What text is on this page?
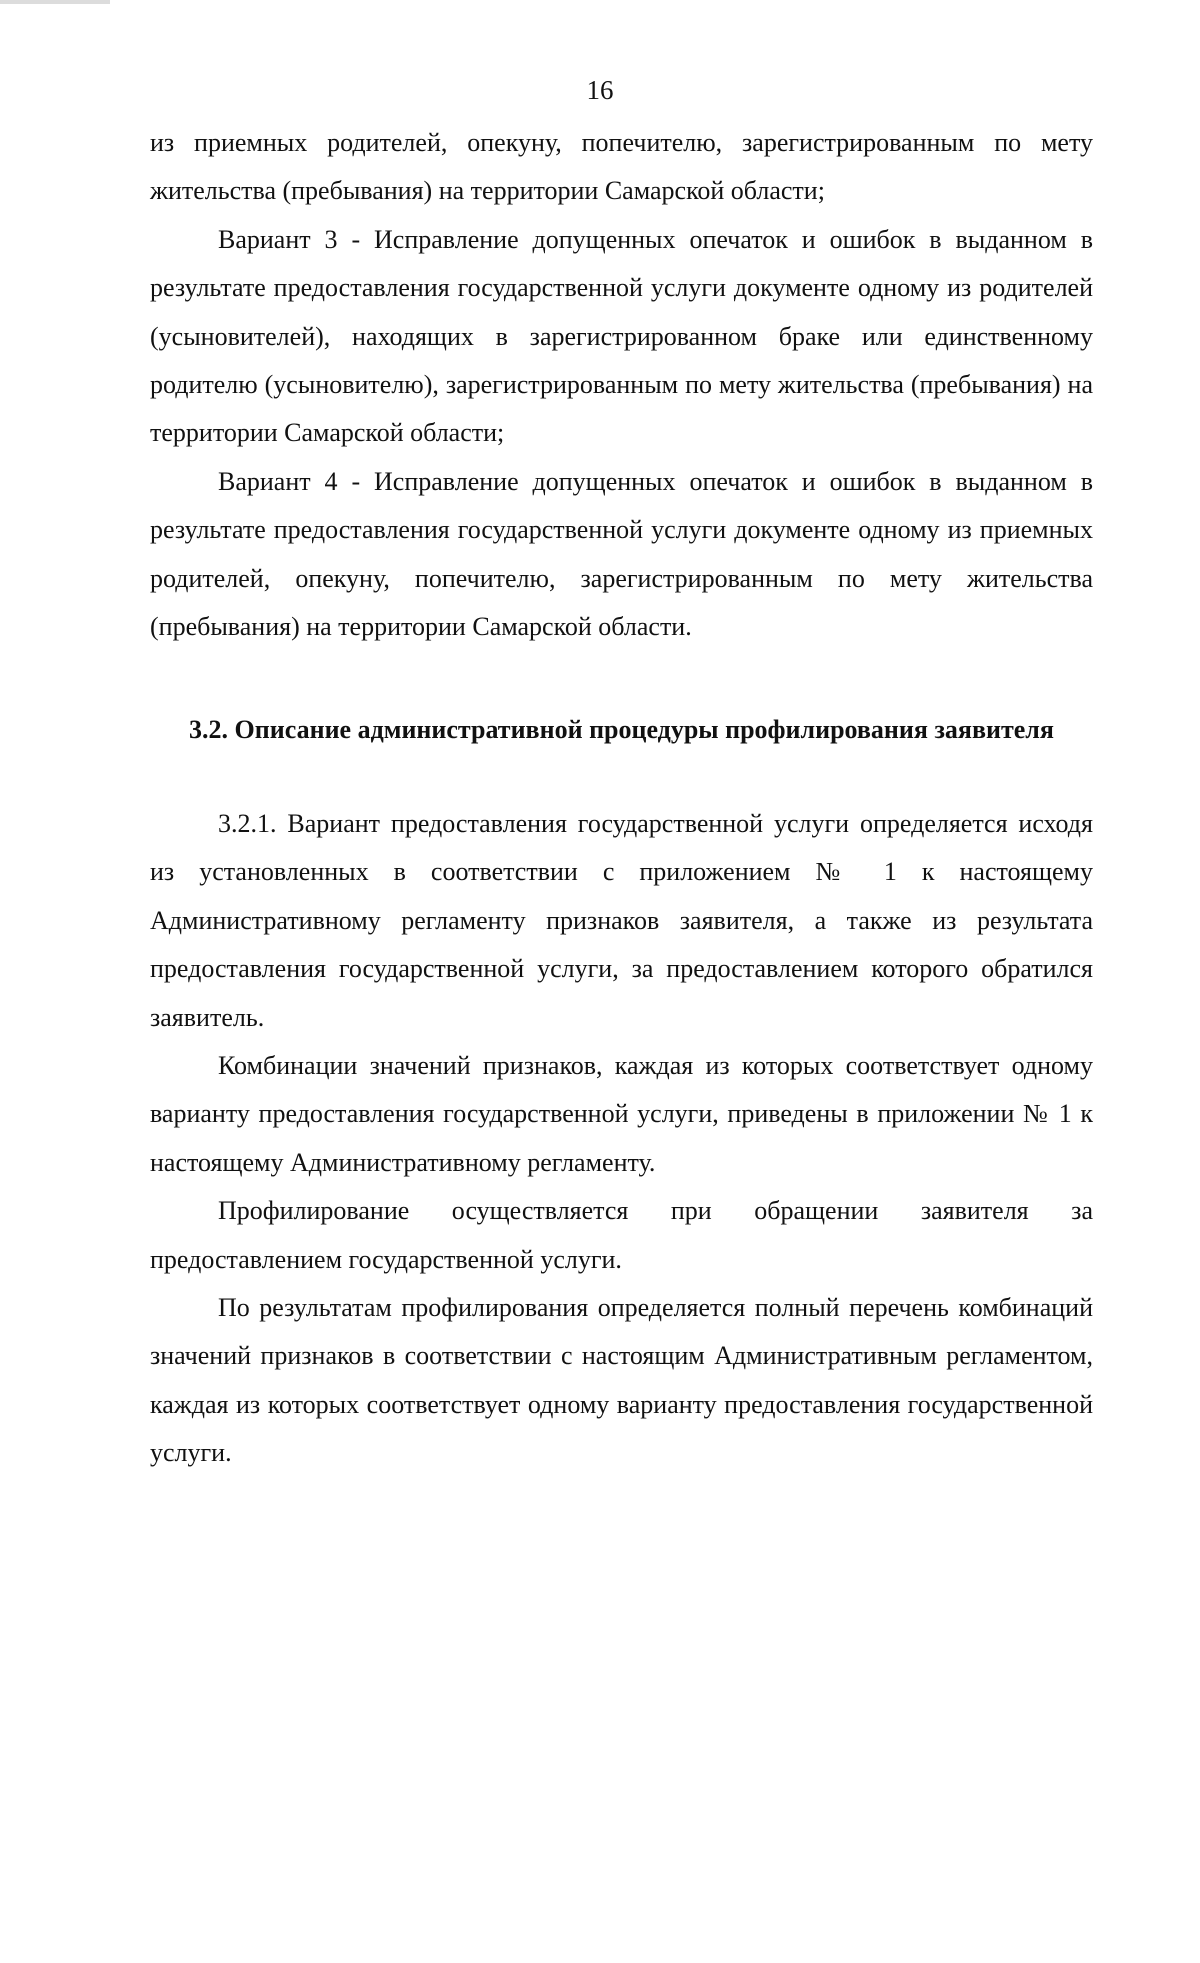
16

из приемных родителей, опекуну, попечителю, зарегистрированным по мету жительства (пребывания) на территории Самарской области;

Вариант 3 - Исправление допущенных опечаток и ошибок в выданном в результате предоставления государственной услуги документе одному из родителей (усыновителей), находящих в зарегистрированном браке или единственному родителю (усыновителю), зарегистрированным по мету жительства (пребывания) на территории Самарской области;

Вариант 4 - Исправление допущенных опечаток и ошибок в выданном в результате предоставления государственной услуги документе одному из приемных родителей, опекуну, попечителю, зарегистрированным по мету жительства (пребывания) на территории Самарской области.

3.2. Описание административной процедуры профилирования заявителя

3.2.1. Вариант предоставления государственной услуги определяется исходя из установленных в соответствии с приложением № 1 к настоящему Административному регламенту признаков заявителя, а также из результата предоставления государственной услуги, за предоставлением которого обратился заявитель.

Комбинации значений признаков, каждая из которых соответствует одному варианту предоставления государственной услуги, приведены в приложении № 1 к настоящему Административному регламенту.

Профилирование осуществляется при обращении заявителя за предоставлением государственной услуги.

По результатам профилирования определяется полный перечень комбинаций значений признаков в соответствии с настоящим Административным регламентом, каждая из которых соответствует одному варианту предоставления государственной услуги.
